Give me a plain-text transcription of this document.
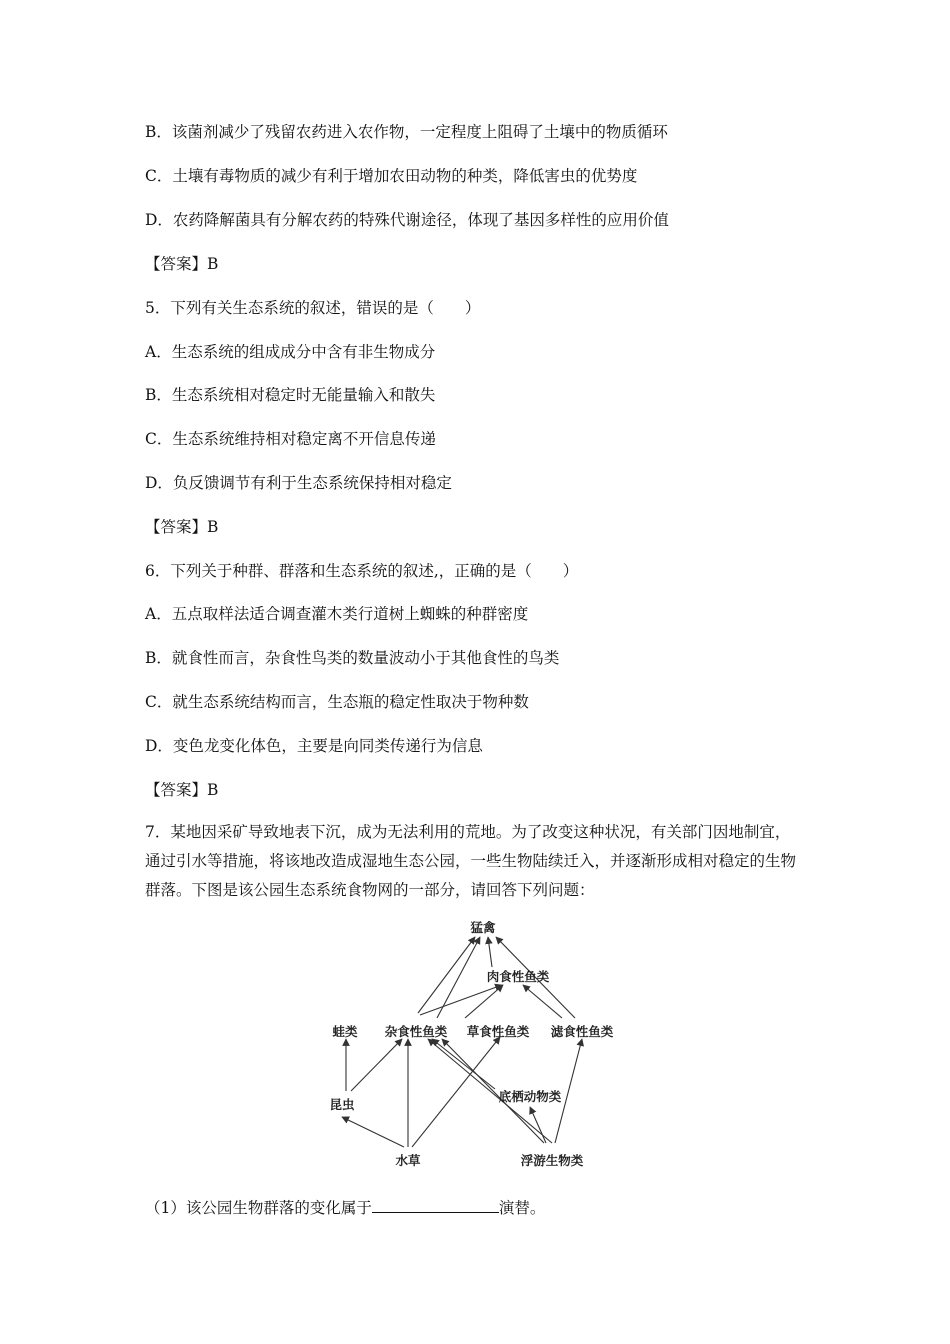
B．该菌剂减少了残留农药进入农作物，一定程度上阻碍了土壤中的物质循环
C．土壤有毒物质的减少有利于增加农田动物的种类，降低害虫的优势度
D．农药降解菌具有分解农药的特殊代谢途径，体现了基因多样性的应用价值
【答案】B
5．下列有关生态系统的叙述，错误的是（　　）
A．生态系统的组成成分中含有非生物成分
B．生态系统相对稳定时无能量输入和散失
C．生态系统维持相对稳定离不开信息传递
D．负反馈调节有利于生态系统保持相对稳定
【答案】B
6．下列关于种群、群落和生态系统的叙述,，正确的是（　　）
A．五点取样法适合调查灌木类行道树上蜘蛛的种群密度
B．就食性而言，杂食性鸟类的数量波动小于其他食性的鸟类
C．就生态系统结构而言，生态瓶的稳定性取决于物种数
D．变色龙变化体色，主要是向同类传递行为信息
【答案】B
7．某地因采矿导致地表下沉，成为无法利用的荒地。为了改变这种状况，有关部门因地制宜，通过引水等措施，将该地改造成湿地生态公园，一些生物陆续迁入，并逐渐形成相对稳定的生物群落。下图是该公园生态系统食物网的一部分，请回答下列问题：
猛禽
肉食性鱼类
蛙类 杂食性鱼类 草食性鱼类 滤食性鱼类
底栖动物类
昆虫
水草	浮游生物类
（1）该公园生物群落的变化属于	演替。
